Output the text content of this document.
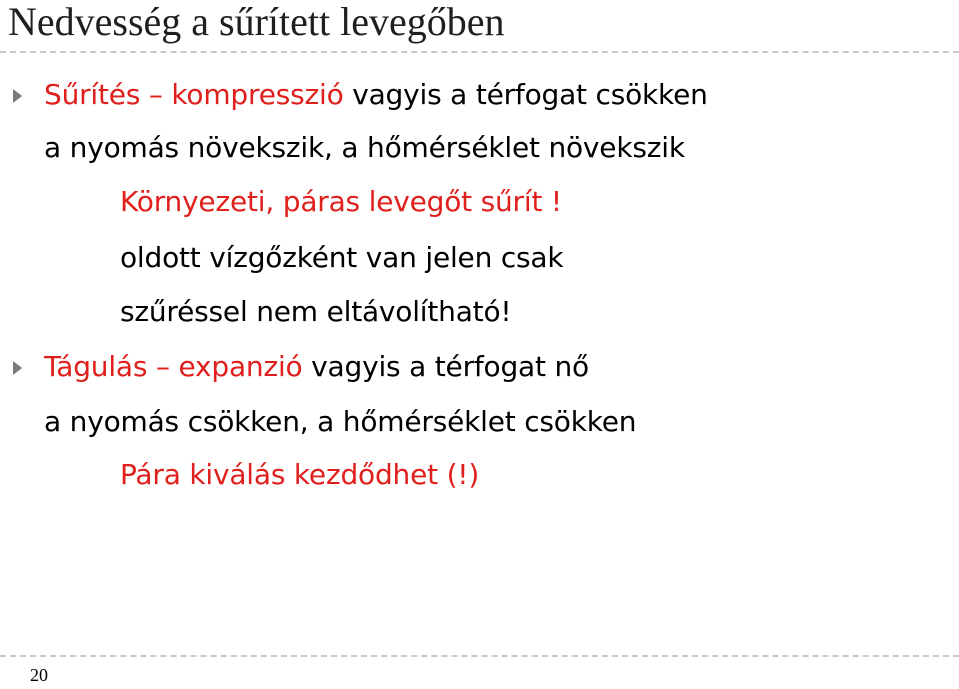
Nedvesség a sűrített levegőben
Sűrítés – kompresszió vagyis a térfogat csökken
a nyomás növekszik, a hőmérséklet növekszik
Környezeti, páras levegőt sűrít !
oldott vízgőzként van jelen csak
szűréssel nem eltávolítható!
Tágulás – expanzió vagyis a térfogat nő
a nyomás csökken, a hőmérséklet csökken
Pára kiválás kezdődhet (!)
20
